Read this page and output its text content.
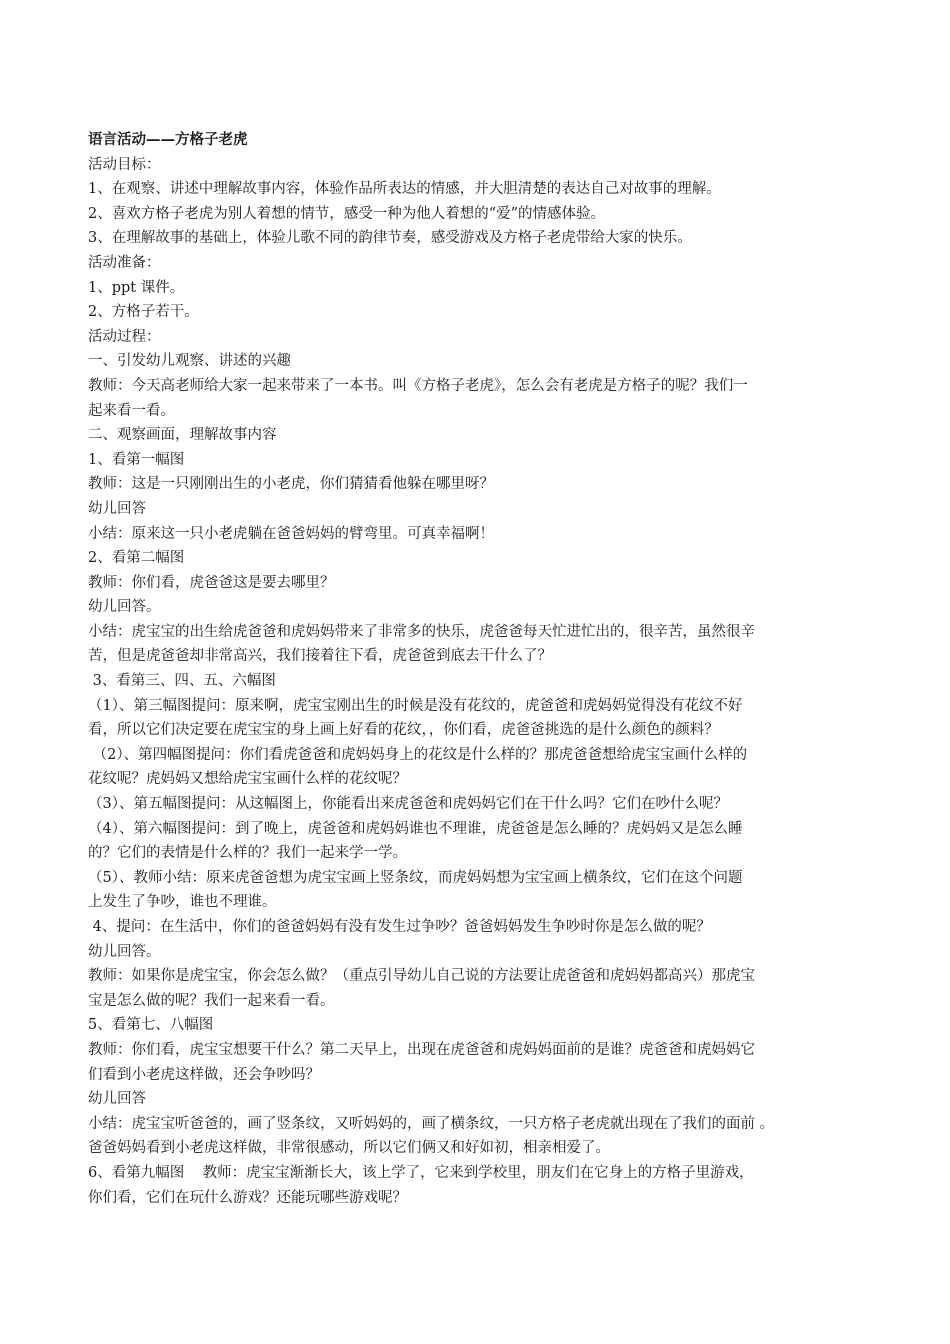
语言活动——方格子老虎
活动目标：
1、在观察、讲述中理解故事内容，体验作品所表达的情感，并大胆清楚的表达自己对故事的理解。
2、喜欢方格子老虎为别人着想的情节，感受一种为他人着想的“爱”的情感体验。
3、在理解故事的基础上，体验儿歌不同的韵律节奏，感受游戏及方格子老虎带给大家的快乐。
活动准备：
1、ppt 课件。
2、方格子若干。
活动过程：
一、引发幼儿观察、讲述的兴趣
教师：今天高老师给大家一起来带来了一本书。叫《方格子老虎》，怎么会有老虎是方格子的呢？我们一
起来看一看。
二、观察画面，理解故事内容
1、看第一幅图
教师：这是一只刚刚出生的小老虎，你们猜猜看他躲在哪里呀？
幼儿回答
小结：原来这一只小老虎躺在爸爸妈妈的臂弯里。可真幸福啊！
2、看第二幅图
教师：你们看，虎爸爸这是要去哪里？
幼儿回答。
小结：虎宝宝的出生给虎爸爸和虎妈妈带来了非常多的快乐，虎爸爸每天忙进忙出的，很辛苦，虽然很辛
苦，但是虎爸爸却非常高兴，我们接着往下看，虎爸爸到底去干什么了？
3、看第三、四、五、六幅图
（1）、第三幅图提问：原来啊，虎宝宝刚出生的时候是没有花纹的，虎爸爸和虎妈妈觉得没有花纹不好
看，所以它们决定要在虎宝宝的身上画上好看的花纹，，你们看，虎爸爸挑选的是什么颜色的颜料？
（2）、第四幅图提问：你们看虎爸爸和虎妈妈身上的花纹是什么样的？那虎爸爸想给虎宝宝画什么样的
花纹呢？虎妈妈又想给虎宝宝画什么样的花纹呢？
（3）、第五幅图提问：从这幅图上，你能看出来虎爸爸和虎妈妈它们在干什么吗？它们在吵什么呢？
（4）、第六幅图提问：到了晚上，虎爸爸和虎妈妈谁也不理谁，虎爸爸是怎么睡的？虎妈妈又是怎么睡
的？它们的表情是什么样的？我们一起来学一学。
（5）、教师小结：原来虎爸爸想为虎宝宝画上竖条纹，而虎妈妈想为宝宝画上横条纹，它们在这个问题
上发生了争吵，谁也不理谁。
4、提问：在生活中，你们的爸爸妈妈有没有发生过争吵？爸爸妈妈发生争吵时你是怎么做的呢？
幼儿回答。
教师：如果你是虎宝宝，你会怎么做？（重点引导幼儿自己说的方法要让虎爸爸和虎妈妈都高兴）那虎宝
宝是怎么做的呢？我们一起来看一看。
5、看第七、八幅图
教师：你们看，虎宝宝想要干什么？第二天早上，出现在虎爸爸和虎妈妈面前的是谁？虎爸爸和虎妈妈它
们看到小老虎这样做，还会争吵吗？
幼儿回答
小结：虎宝宝听爸爸的，画了竖条纹，又听妈妈的，画了横条纹，一只方格子老虎就出现在了我们的面前 。
爸爸妈妈看到小老虎这样做，非常很感动，所以它们俩又和好如初，相亲相爱了。
6、看第九幅图    教师：虎宝宝渐渐长大，该上学了，它来到学校里，朋友们在它身上的方格子里游戏，
你们看，它们在玩什么游戏？还能玩哪些游戏呢？
